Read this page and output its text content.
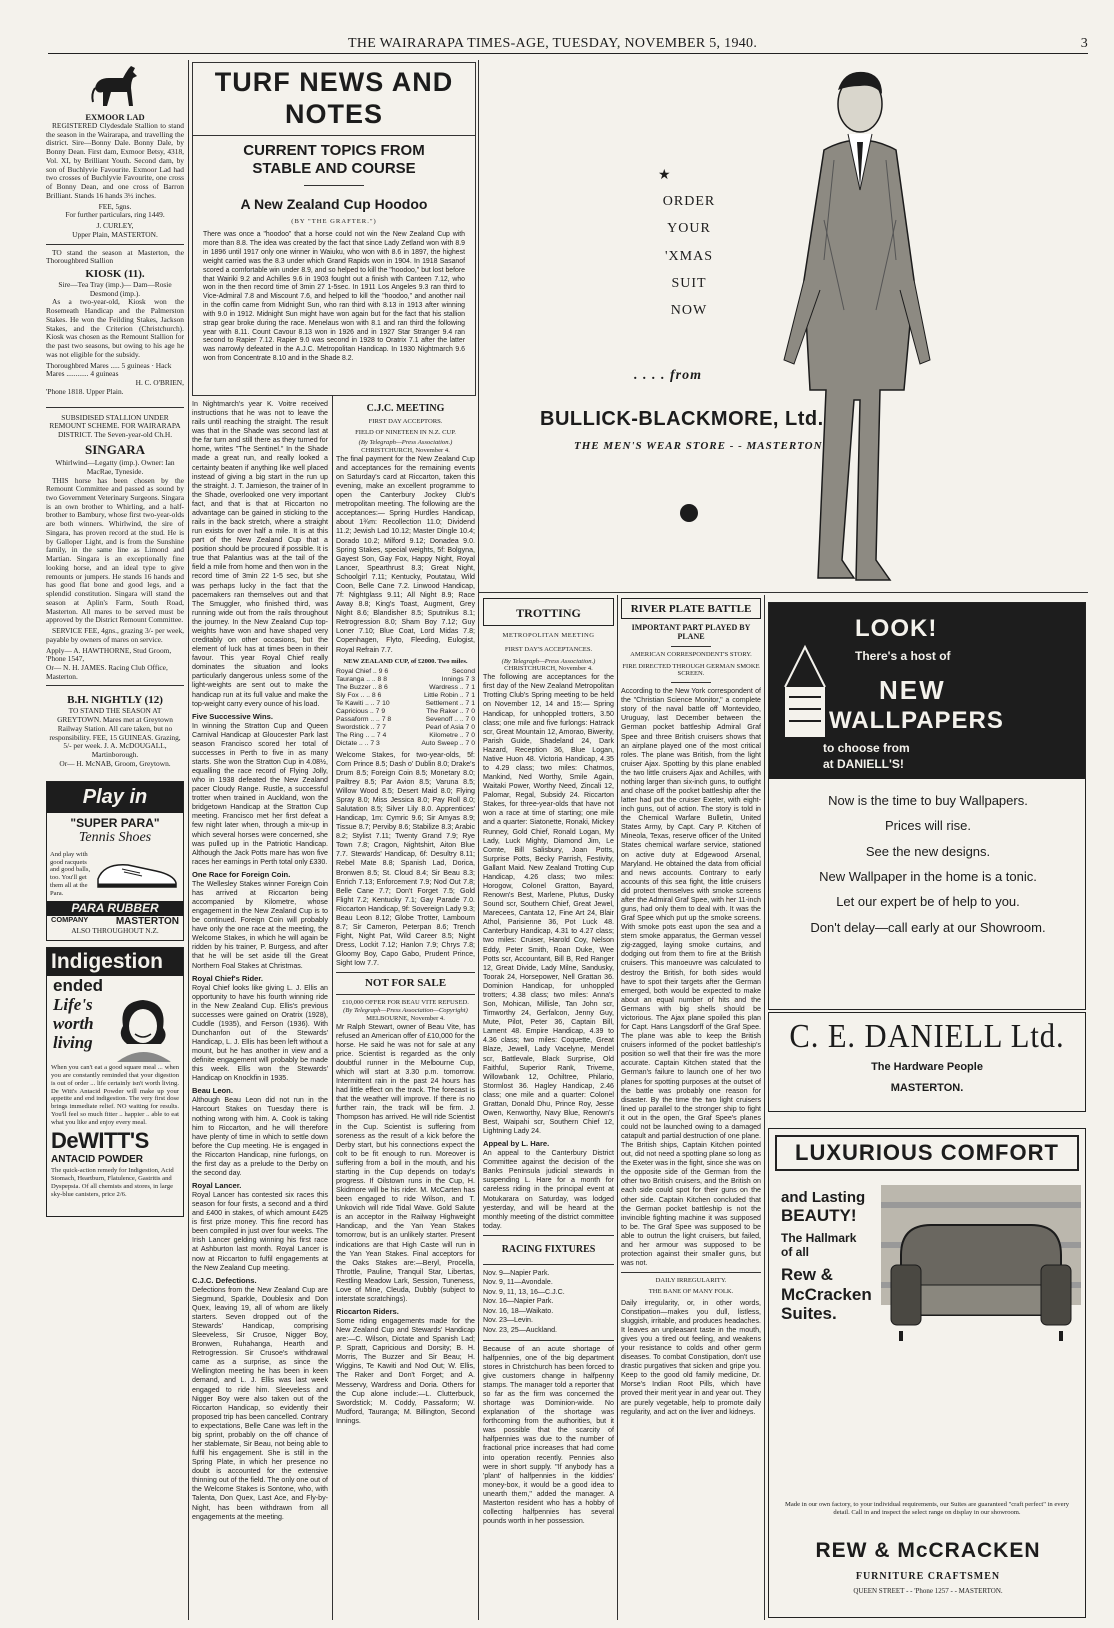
THE WAIRARAPA TIMES-AGE, TUESDAY, NOVEMBER 5, 1940.	3
EXMOOR LAD

REGISTERED Clydesdale Stallion to stand the season in the Wairarapa, and travelling the district. Sire—Bonny Dale. Bonny Dale, by Bonny Dean. First dam, Exmoor Betsy, 4318, Vol. XI, by Brilliant Youth. Second dam, by son of Buchlyvie Favourite. Exmoor Lad had two crosses of Buchlyvie Favourite, one cross of Bonny Dean, and one cross of Barron Brilliant. Stands 16 hands 3½ inches.

FEE, 5gns.
For further particulars, ring 1449.
J. CURLEY,
Upper Plain, MASTERTON.

TO stand the season at Masterton, the Thoroughbred Stallion

KIOSK (11).
Sire—Tea Tray (imp.)— Dam—Rosie Desmond (imp.).

As a two-year-old, Kiosk won the Rosemeath Handicap and the Palmerston Stakes. He won the Feilding Stakes, Jackson Stakes, and the Criterion (Christchurch). Kiosk was chosen as the Remount Stallion for the past two seasons, but owing to his age he was not eligible for the subsidy.

Thoroughbred Mares ..... 5 guineas · Hack Mares ............ 4 guineas
H. C. O'BRIEN,
'Phone 1818. Upper Plain.
SUBSIDISED STALLION UNDER REMOUNT SCHEME. FOR WAIRARAPA DISTRICT. The Seven-year-old Ch.H.
SINGARA
Whirlwind—Legatty (imp.). Owner: Ian MacRae, Tyneside.

THIS horse has been chosen by the Remount Committee and passed as sound by two Government Veterinary Surgeons. Singara is an own brother to Whirling, and a half-brother to Bambury, whose first two-year-olds are both winners. Whirlwind, the sire of Singara, has proven record at the stud. He is by Galloper Light, and is from the Sunshine family, in the same line as Limond and Martian. Singara is an exceptionally fine looking horse, and an ideal type to give remounts or jumpers. He stands 16 hands and has good flat bone and good legs, and a splendid constitution. Singara will stand the season at Aplin's Farm, South Road, Masterton. All mares to be served must be approved by the District Remount Committee.

SERVICE FEE, 4gns., grazing 3/- per week, payable by owners of mares on service.

Apply— A. HAWTHORNE, Stud Groom, 'Phone 1547,
Or— N. H. JAMES. Racing Club Office, Masterton.
B.H. NIGHTLY (12)
TO STAND THE SEASON AT GREYTOWN. Mares met at Greytown Railway Station. All care taken, but no responsibility. FEE, 15 GUINEAS. Grazing, 5/- per week. J. A. McDOUGALL, Martinborough.
Or— H. McNAB, Groom, Greytown.
Play in
"SUPER PARA"
Tennis Shoes
And play with good racquets and good balls, too. You'll get them all at the Para.
PARA RUBBER
COMPANY	MASTERTON
ALSO THROUGHOUT N.Z.
Indigestion
ended
Life's
worth
living
When you can't eat a good square meal ... when you are constantly reminded that your digestion is out of order ... life certainly isn't worth living. De Witt's Antacid Powder will make up your appetite and end indigestion. The very first dose brings immediate relief. NO waiting for results. You'll feel so much fitter .. happier .. able to eat what you like and enjoy every meal.
DeWITT'S
ANTACID POWDER
The quick-action remedy for Indigestion, Acid Stomach, Heartburn, Flatulence, Gastritis and Dyspepsia. Of all chemists and stores, in large sky-blue canisters, price 2/6.
TURF NEWS AND NOTES
CURRENT TOPICS FROM STABLE AND COURSE
A New Zealand Cup Hoodoo
(BY "THE GRAFTER.")
There was once a "hoodoo" that a horse could not win the New Zealand Cup with more than 8.8. The idea was created by the fact that since Lady Zetland won with 8.9 in 1896 until 1917 only one winner in Waiuku, who won with 8.6 in 1897, the highest weight carried was the 8.3 under which Grand Rapids won in 1904. In 1918 Sasanof scored a comfortable win under 8.9, and so helped to kill the "hoodoo," but lost before that Wairiki 9.2 and Achilles 9.6 in 1903 fought out a finish with Canteen 7.12, who won in the then record time of 3min 27 1-5sec. In 1911 Los Angeles 9.3 ran third to Vice-Admiral 7.8 and Miscount 7.6, and helped to kill the "hoodoo," and another nail in the coffin came from Midnight Sun, who ran third with 8.13 in 1913 after winning with 9.0 in 1912. Midnight Sun might have won again but for the fact that his stallion strap gear broke during the race. Menelaus won with 8.1 and ran third the following year with 8.11. Count Cavour 8.13 won in 1926 and in 1927 Star Stranger 9.4 ran second to Rapier 7.12. Rapier 9.0 was second in 1928 to Oratrix 7.1 after the latter was narrowly defeated in the A.J.C. Metropolitan Handicap. In 1930 Nightmarch 9.6 won from Concentrate 8.10 and in the Shade 8.2.
In Nightmarch's year K. Voitre received instructions that he was not to leave the rails until reaching the straight. The result was that in the Shade was second last at the far turn and still there as they turned for home, writes "The Sentinel." In the Shade made a great run, and really looked a certainty beaten if anything like well placed instead of giving a big start in the run up the straight. J. T. Jamieson, the trainer of In the Shade, overlooked one very important fact, and that is that at Riccarton no advantage can be gained in sticking to the rails in the back stretch, where a straight run exists for over half a mile. It is at this part of the New Zealand Cup that a position should be procured if possible. It is true that Palantius was at the tail of the field a mile from home and then won in the record time of 3min 22 1-5 sec, but she was perhaps lucky in the fact that the pacemakers ran themselves out and that The Smuggler, who finished third, was running wide out from the rails throughout the journey. In the New Zealand Cup top-weights have won and have shaped very creditably on other occasions, but the element of luck has at times been in their favour. This year Royal Chief really dominates the situation and looks particularly dangerous unless some of the light-weights are sent out to make the handicap run at its full value and make the top-weight carry every ounce of his load.
Five Successive Wins.
In winning the Stratton Cup and Queen Carnival Handicap at Gloucester Park last season Francisco scored her total of successes in Perth to five in as many starts. She won the Stratton Cup in 4.08½, equalling the race record of Flying Jolly, who in 1938 defeated the New Zealand pacer Cloudy Range. Rustle, a successful trotter when trained in Auckland, won the bridgetown Handicap at the Stratton Cup meeting. Francisco met her first defeat a few night later when, through a mix-up in which several horses were concerned, she was pulled up in the Patriotic Handicap. Although the Jack Potts mare has won five races her earnings in Perth total only £330.
One Race for Foreign Coin.
The Wellesley Stakes winner Foreign Coin has arrived at Riccarton being accompanied by Kilometre, whose engagement in the New Zealand Cup is to be continued. Foreign Coin will probably have only the one race at the meeting, the Welcome Stakes, in which he will again be ridden by his trainer, P. Burgess, and after that he will be set aside till the Great Northern Foal Stakes at Christmas.
Royal Chief's Rider.
Royal Chief looks like giving L. J. Ellis an opportunity to have his fourth winning ride in the New Zealand Cup. Ellis's previous successes were gained on Oratrix (1928), Cuddle (1935), and Ferson (1936). With Dunchanfon out of the Stewards' Handicap, L. J. Ellis has been left without a mount, but he has another in view and a definite engagement will probably be made this week. Ellis won the Stewards' Handicap on Knockfin in 1935.
Beau Leon.
Although Beau Leon did not run in the Harcourt Stakes on Tuesday there is nothing wrong with him. A. Cook is taking him to Riccarton, and he will therefore have plenty of time in which to settle down before the Cup meeting. He is engaged in the Riccarton Handicap, nine furlongs, on the first day as a prelude to the Derby on the second day.
Royal Lancer.
Royal Lancer has contested six races this season for four firsts, a second and a third and £400 in stakes, of which amount £425 is first prize money. This fine record has been compiled in just over four weeks. The Irish Lancer gelding winning his first race at Ashburton last month. Royal Lancer is now at Riccarton to fulfil engagements at the New Zealand Cup meeting.
C.J.C. Defections.
Defections from the New Zealand Cup are Siegmund, Sparkle, Doublesix and Don Quex, leaving 19, all of whom are likely starters. Seven dropped out of the Stewards' Handicap, comprising Sleeveless, Sir Crusoe, Nigger Boy, Bronwen, Ruhahanga, Hearth and Retrogression. Sir Crusoe's withdrawal came as a surprise, as since the Wellington meeting he has been in keen demand, and L. J. Ellis was last week engaged to ride him. Sleeveless and Nigger Boy were also taken out of the Riccarton Handicap, so evidently their proposed trip has been cancelled. Contrary to expectations, Belle Cane was left in the big sprint, probably on the off chance of her stablemate, Sir Beau, not being able to fulfil his engagement. She is still in the Spring Plate, in which her presence no doubt is accounted for the extensive thinning out of the field. The only one out of the Welcome Stakes is Sontone, who, with Talenta, Don Quex, Last Ace, and Fly-by-Night, has been withdrawn from all engagements at the meeting.
C.J.C. MEETING
FIRST DAY ACCEPTORS.
FIELD OF NINETEEN IN N.Z. CUP.
(By Telegraph—Press Association.)
CHRISTCHURCH, November 4.
The final payment for the New Zealand Cup and acceptances for the remaining events on Saturday's card at Riccarton, taken this evening, make an excellent programme to open the Canterbury Jockey Club's metropolitan meeting. The following are the acceptances:— Spring Hurdles Handicap, about 1¾m: Recollection 11.0; Dividend 11.2; Jewish Lad 10.12; Master Dingle 10.4; Dorado 10.2; Milford 9.12; Donadea 9.0. Spring Stakes, special weights, 5f: Bolgyna, Gayest Son, Gay Fox, Happy Night, Royal Lancer, Spearthrust 8.3; Great Night, Schoolgirl 7.11; Kentucky, Poutatau, Wild Coon, Belle Cane 7.2. Linwood Handicap, 7f: Nightglass 9.11; All Night 8.9; Race Away 8.8; King's Toast, Augment, Grey Night 8.6; Blandisher 8.5; Sputnikus 8.1; Retrogression 8.0; Sham Boy 7.12; Guy Loner 7.10; Blue Coat, Lord Midas 7.8; Copenhagen, Flyto, Fleeding, Eulogist, Royal Refrain 7.7.
NEW ZEALAND CUP, of £2000. Two miles.
Royal Chief .. 9 6	Second
Tauranga .. .. 8 8	Innings 7 3
The Buzzer .. 8 6	Wardress .. 7 1
Sly Fox .. .. 8 6	Little Robin .. 7 1
Te Kawiti .. .. 7 10	Settlement .. 7 1
Capricious .. 7 9	The Raker .. 7 0
Passaform .. .. 7 8	Sevenoff .. .. 7 0
Swordstick .. 7 7	Pearl of Asia 7 0
The Ring .. .. 7 4	Kilometre .. 7 0
Dictate .. .. 7 3	Auto Sweep .. 7 0
Welcome Stakes, for two-year-olds, 5f: Corn Prince 8.5; Dash o' Dublin 8.0; Drake's Drum 8.5; Foreign Coin 8.5; Monetary 8.0; Pailtrey 8.5; Par Avion 8.5; Varuna 8.5; Willow Wood 8.5; Desert Maid 8.0; Flying Spray 8.0; Miss Jessica 8.0; Pay Roll 8.0; Salutation 8.5; Silver Lily 8.0. Apprentices' Handicap, 1m: Cymric 9.6; Sir Amyas 8.9; Tissue 8.7; Perviby 8.6; Stabilize 8.3; Arabic 8.2; Stylist 7.11; Twenty Grand 7.9; Rye Town 7.8; Cragon, Nightshirt, Aiton Blue 7.7. Stewards' Handicap, 6f: Desultry 8.11; Rebel Mate 8.8; Spanish Lad, Dorica, Bronwen 8.5; St. Cloud 8.4; Sir Beau 8.3; Enrich 7.13; Enforcement 7.9; Nod Out 7.8; Belle Cane 7.7; Don't Forget 7.5; Gold Flight 7.2; Kentucky 7.1; Gay Parade 7.0. Riccarton Handicap, 9f: Sovereign Lady 9.3; Beau Leon 8.12; Globe Trotter, Lambourn 8.7; Sir Cameron, Peterpan 8.6; Trench Fight, Night Pat, Wild Career 8.5; Night Dress, Lockit 7.12; Hanlon 7.9; Chrys 7.8; Gloomy Boy, Capo Gabo, Prudent Prince, Sight Iow 7.7.
NOT FOR SALE
£10,000 OFFER FOR BEAU VITE REFUSED.
(By Telegraph—Press Association—Copyright)
MELBOURNE, November 4.
Mr Ralph Stewart, owner of Beau Vite, has refused an American offer of £10,000 for the horse. He said he was not for sale at any price. Scientist is regarded as the only doubtful runner in the Melbourne Cup, which will start at 3.30 p.m. tomorrow. Intermittent rain in the past 24 hours has had little effect on the track. The forecast is that the weather will improve. If there is no further rain, the track will be firm. J. Thompson has arrived. He will ride Scientist in the Cup. Scientist is suffering from soreness as the result of a kick before the Derby start, but his connections expect the colt to be fit enough to run. Moreover is suffering from a boil in the mouth, and his starting in the Cup depends on today's progress. If Oilstown runs in the Cup, H. Skidmore will be his rider. M. McCarten has been engaged to ride Wilson, and T. Unkovich will ride Tidal Wave. Gold Salute is an acceptor in the Railway Highweight Handicap, and the Yan Yean Stakes tomorrow, but is an unlikely starter. Present indications are that High Caste will run in the Yan Yean Stakes. Final acceptors for the Oaks Stakes are:—Beryl, Procella, Throttle, Pauline, Tranquil Star, Libertas, Restling Meadow Lark, Session, Tuneness, Love of Mine, Cleuda, Dubbly (subject to interstate scratchings).
Riccarton Riders.
Some riding engagements made for the New Zealand Cup and Stewards' Handicap are:—C. Wilson, Dictate and Spanish Lad; P. Spratt, Capricious and Dorsity; B. H. Morris, The Buzzer and Sir Beau; H. Wiggins, Te Kawiti and Nod Out; W. Ellis, The Raker and Don't Forget; and A. Messervy, Wardress and Doria. Others for the Cup alone include:—L. Clutterbuck, Swordstick; M. Coddy, Passaform; W. Mudford, Tauranga; M. Billington, Second Innings.
★
ORDER
YOUR
'XMAS
SUIT
NOW
. . . . from
BULLICK-BLACKMORE, Ltd.
THE MEN'S WEAR STORE - - MASTERTON
TROTTING
METROPOLITAN MEETING
FIRST DAY'S ACCEPTANCES.
(By Telegraph—Press Association.)
CHRISTCHURCH, November 4.
The following are acceptances for the first day of the New Zealand Metropolitan Trotting Club's Spring meeting to be held on November 12, 14 and 15:— Spring Handicap, for unhoppled trotters, 3.50 class; one mile and five furlongs: Hatrack scr, Great Mountain 12, Amorao, Biwerity, Parish Guide, Shadeland 24, Dark Hazard, Reception 36, Blue Logan, Native Huon 48. Victoria Handicap, 4.35 to 4.29 class; two miles: Chatmos, Mankind, Ned Worthy, Smile Again, Waitaki Power, Worthy Need, Zincali 12, Palomar, Regal, Subsidy 24. Riccarton Stakes, for three-year-olds that have not won a race at time of starting; one mile and a quarter: Siatonette, Ronaki, Mickey Runney, Gold Chief, Ronald Logan, My Lady, Luck Mighty, Diamond Jim, Le Comte, Bill Salisbury, Joan Potts, Surprise Potts, Becky Parrish, Festivity, Gallant Maid. New Zealand Trotting Cup Handicap, 4.26 class; two miles: Horogow, Colonel Gratton, Bayard, Renown's Best, Marlene, Plutus, Dusky Sound scr, Southern Chief, Great Jewel, Marecees, Cantata 12, Fine Art 24, Blair Athol, Parisienne 36, Pot Luck 48. Canterbury Handicap, 4.31 to 4.27 class; two miles: Cruiser, Harold Coy, Nelson Eddy, Peter Smith, Roan Duke, Wee Potts scr, Accountant, Bill B, Red Ranger 12, Great Divide, Lady Milne, Sandusky, Toorak 24, Horsepower, Nell Grattan 36. Dominion Handicap, for unhoppled trotters; 4.38 class; two miles: Anna's Son, Mohican, Millisle, Tan John scr, Timworthy 24, Gerfalcon, Jenny Guy, Mute, Pilot, Peter 36, Captain Bill, Lament 48. Empire Handicap, 4.39 to 4.36 class; two miles: Coquette, Great Blaze, Jewell, Lady Vacelyne, Mendel scr, Battlevale, Black Surprise, Old Faithful, Superior Rank, Triveme, Willowbank 12, Ochiltree, Philario, Stormlost 36. Hagley Handicap, 2.46 class; one mile and a quarter: Colonel Grattan, Donald Dhu, Prince Roy, Jesse Owen, Kenworthy, Navy Blue, Renown's Best, Waipahi scr, Southern Chief 12, Lightning Lady 24.
Appeal by L. Hare.
An appeal to the Canterbury District Committee against the decision of the Banks Peninsula judicial stewards in suspending L. Hare for a month for careless riding in the principal event at Motukarara on Saturday, was lodged yesterday, and will be heard at the monthly meeting of the district committee today.
RACING FIXTURES
Nov. 9—Napier Park.
Nov. 9, 11—Avondale.
Nov. 9, 11, 13, 16—C.J.C.
Nov. 16—Napier Park.
Nov. 16, 18—Waikato.
Nov. 23—Levin.
Nov. 23, 25—Auckland.
Because of an acute shortage of halfpennies, one of the big department stores in Christchurch has been forced to give customers change in halfpenny stamps. The manager told a reporter that so far as the firm was concerned the shortage was Dominion-wide. No explanation of the shortage was forthcoming from the authorities, but it was possible that the scarcity of halfpennies was due to the number of fractional price increases that had come into operation recently. Pennies also were in short supply. "If anybody has a 'plant' of halfpennies in the kiddies' money-box, it would be a good idea to unearth them," added the manager. A Masterton resident who has a hobby of collecting halfpennies has several pounds worth in her possession.
RIVER PLATE BATTLE
IMPORTANT PART PLAYED BY PLANE
AMERICAN CORRESPONDENT'S STORY.
FIRE DIRECTED THROUGH GERMAN SMOKE SCREEN.
According to the New York correspondent of the "Christian Science Monitor," a complete story of the naval battle off Montevideo, Uruguay, last December between the German pocket battleship Admiral Graf Spee and three British cruisers shows that an airplane played one of the most critical roles. The plane was British, from the light cruiser Ajax. Spotting by this plane enabled the two little cruisers Ajax and Achilles, with nothing larger than six-inch guns, to outfight and chase off the pocket battleship after the latter had put the cruiser Exeter, with eight-inch guns, out of action. The story is told in the Chemical Warfare Bulletin, United States Army, by Capt. Cary P. Kitchen of Mineola, Texas, reserve officer of the United States chemical warfare service, stationed on active duty at Edgewood Arsenal, Maryland. He obtained the data from official and news accounts. Contrary to early accounts of this sea fight, the little cruisers did protect themselves with smoke screens after the Admiral Graf Spee, with her 11-inch guns, had only them to deal with. It was the Graf Spee which put up the smoke screens. With smoke pots east upon the sea and a stern smoke apparatus, the German vessel zig-zagged, laying smoke curtains, and dodging out from them to fire at the British cruisers. This manoeuvre was calculated to destroy the British, for both sides would have to spot their targets after the German emerged, both would be expected to make about an equal number of hits and the Germans with big shells should be victorious. The Ajax plane spoiled this plan for Capt. Hans Langsdorff of the Graf Spee. The plane was able to keep the British cruisers informed of the pocket battleship's position so well that their fire was the more accurate. Captain Kitchen stated that the German's failure to launch one of her two planes for spotting purposes at the outset of the battle was probably one reason for disaster. By the time the two light cruisers lined up parallel to the stronger ship to fight it out in the open, the Graf Spee's planes could not be launched owing to a damaged catapult and partial destruction of one plane. The British ships, Captain Kitchen pointed out, did not need a spotting plane so long as the Exeter was in the fight, since she was on the opposite side of the German from the other two British cruisers, and the British on each side could spot for their guns on the other side. Captain Kitchen concluded that the German pocket battleship is not the invincible fighting machine it was supposed to be. The Graf Spee was supposed to be able to outrun the light cruisers, but failed, and her armour was supposed to be protection against their smaller guns, but was not.
DAILY IRREGULARITY.
THE BANE OF MANY FOLK.
Daily irregularity, or, in other words, Constipation—makes you dull, listless, sluggish, irritable, and produces headaches. It leaves an unpleasant taste in the mouth, gives you a tired out feeling, and weakens your resistance to colds and other germ diseases. To combat Constipation, don't use drastic purgatives that sicken and gripe you. Keep to the good old family medicine, Dr. Morse's Indian Root Pills, which have proved their merit year in and year out. They are purely vegetable, help to promote daily regularity, and act on the liver and kidneys.
LOOK!
There's a host of
NEW
WALLPAPERS
to choose from
at DANIELL'S!
Now is the time to buy Wallpapers.
Prices will rise.
See the new designs.
New Wallpaper in the home is a tonic.
Let our expert be of help to you.
Don't delay—call early at our Showroom.
C. E. DANIELL Ltd.
The Hardware People
MASTERTON.
LUXURIOUS COMFORT
and Lasting
BEAUTY!
The Hallmark
of all
Rew &
McCracken
Suites.
Made in our own factory, to your individual requirements, our Suites are guaranteed "craft perfect" in every detail. Call in and inspect the select range on display in our showroom.
REW & McCRACKEN
FURNITURE CRAFTSMEN
QUEEN STREET - - 'Phone 1257 - - MASTERTON.
